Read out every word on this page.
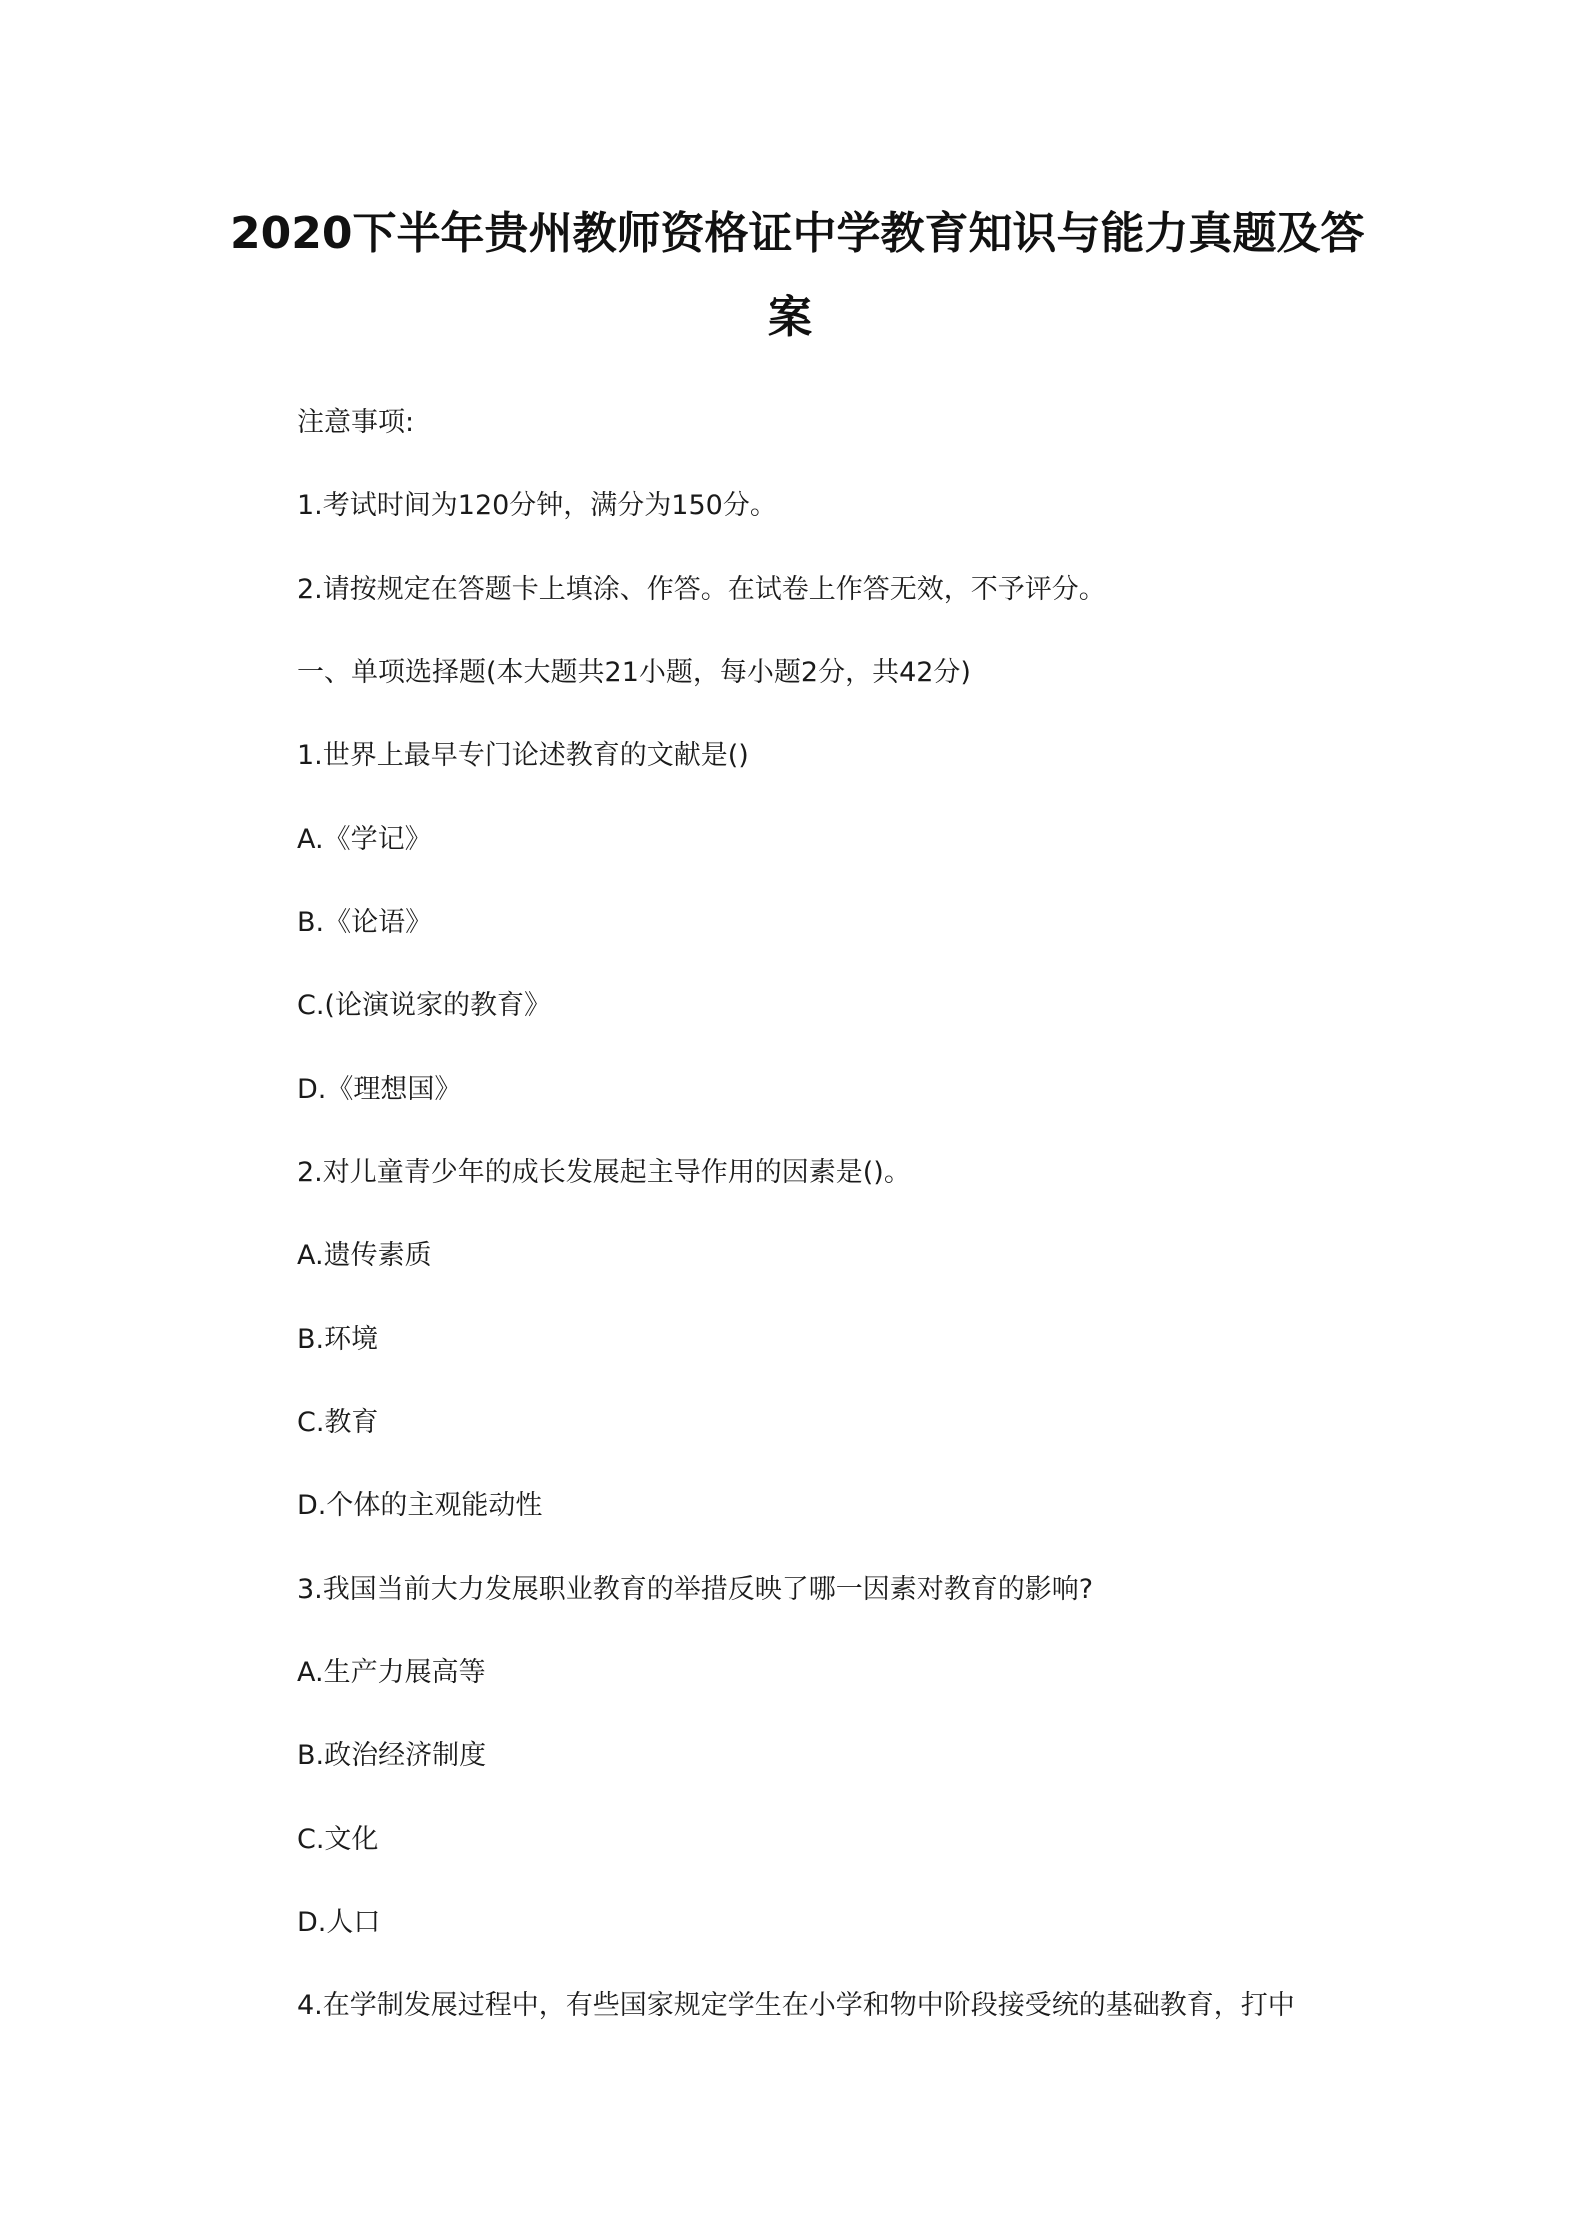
2020下半年贵州教师资格证中学教育知识与能力真题及答
案

注意事项:

1.考试时间为120分钟，满分为150分。

2.请按规定在答题卡上填涂、作答。在试卷上作答无效，不予评分。

一、单项选择题(本大题共21小题，每小题2分，共42分)

1.世界上最早专门论述教育的文献是()

A.《学记》

B.《论语》

C.(论演说家的教育》

D.《理想国》

2.对儿童青少年的成长发展起主导作用的因素是()。

A.遗传素质

B.环境

C.教育

D.个体的主观能动性

3.我国当前大力发展职业教育的举措反映了哪一因素对教育的影响?

A.生产力展高等

B.政治经济制度

C.文化

D.人口

4.在学制发展过程中，有些国家规定学生在小学和物中阶段接受统的基础教育，打中
